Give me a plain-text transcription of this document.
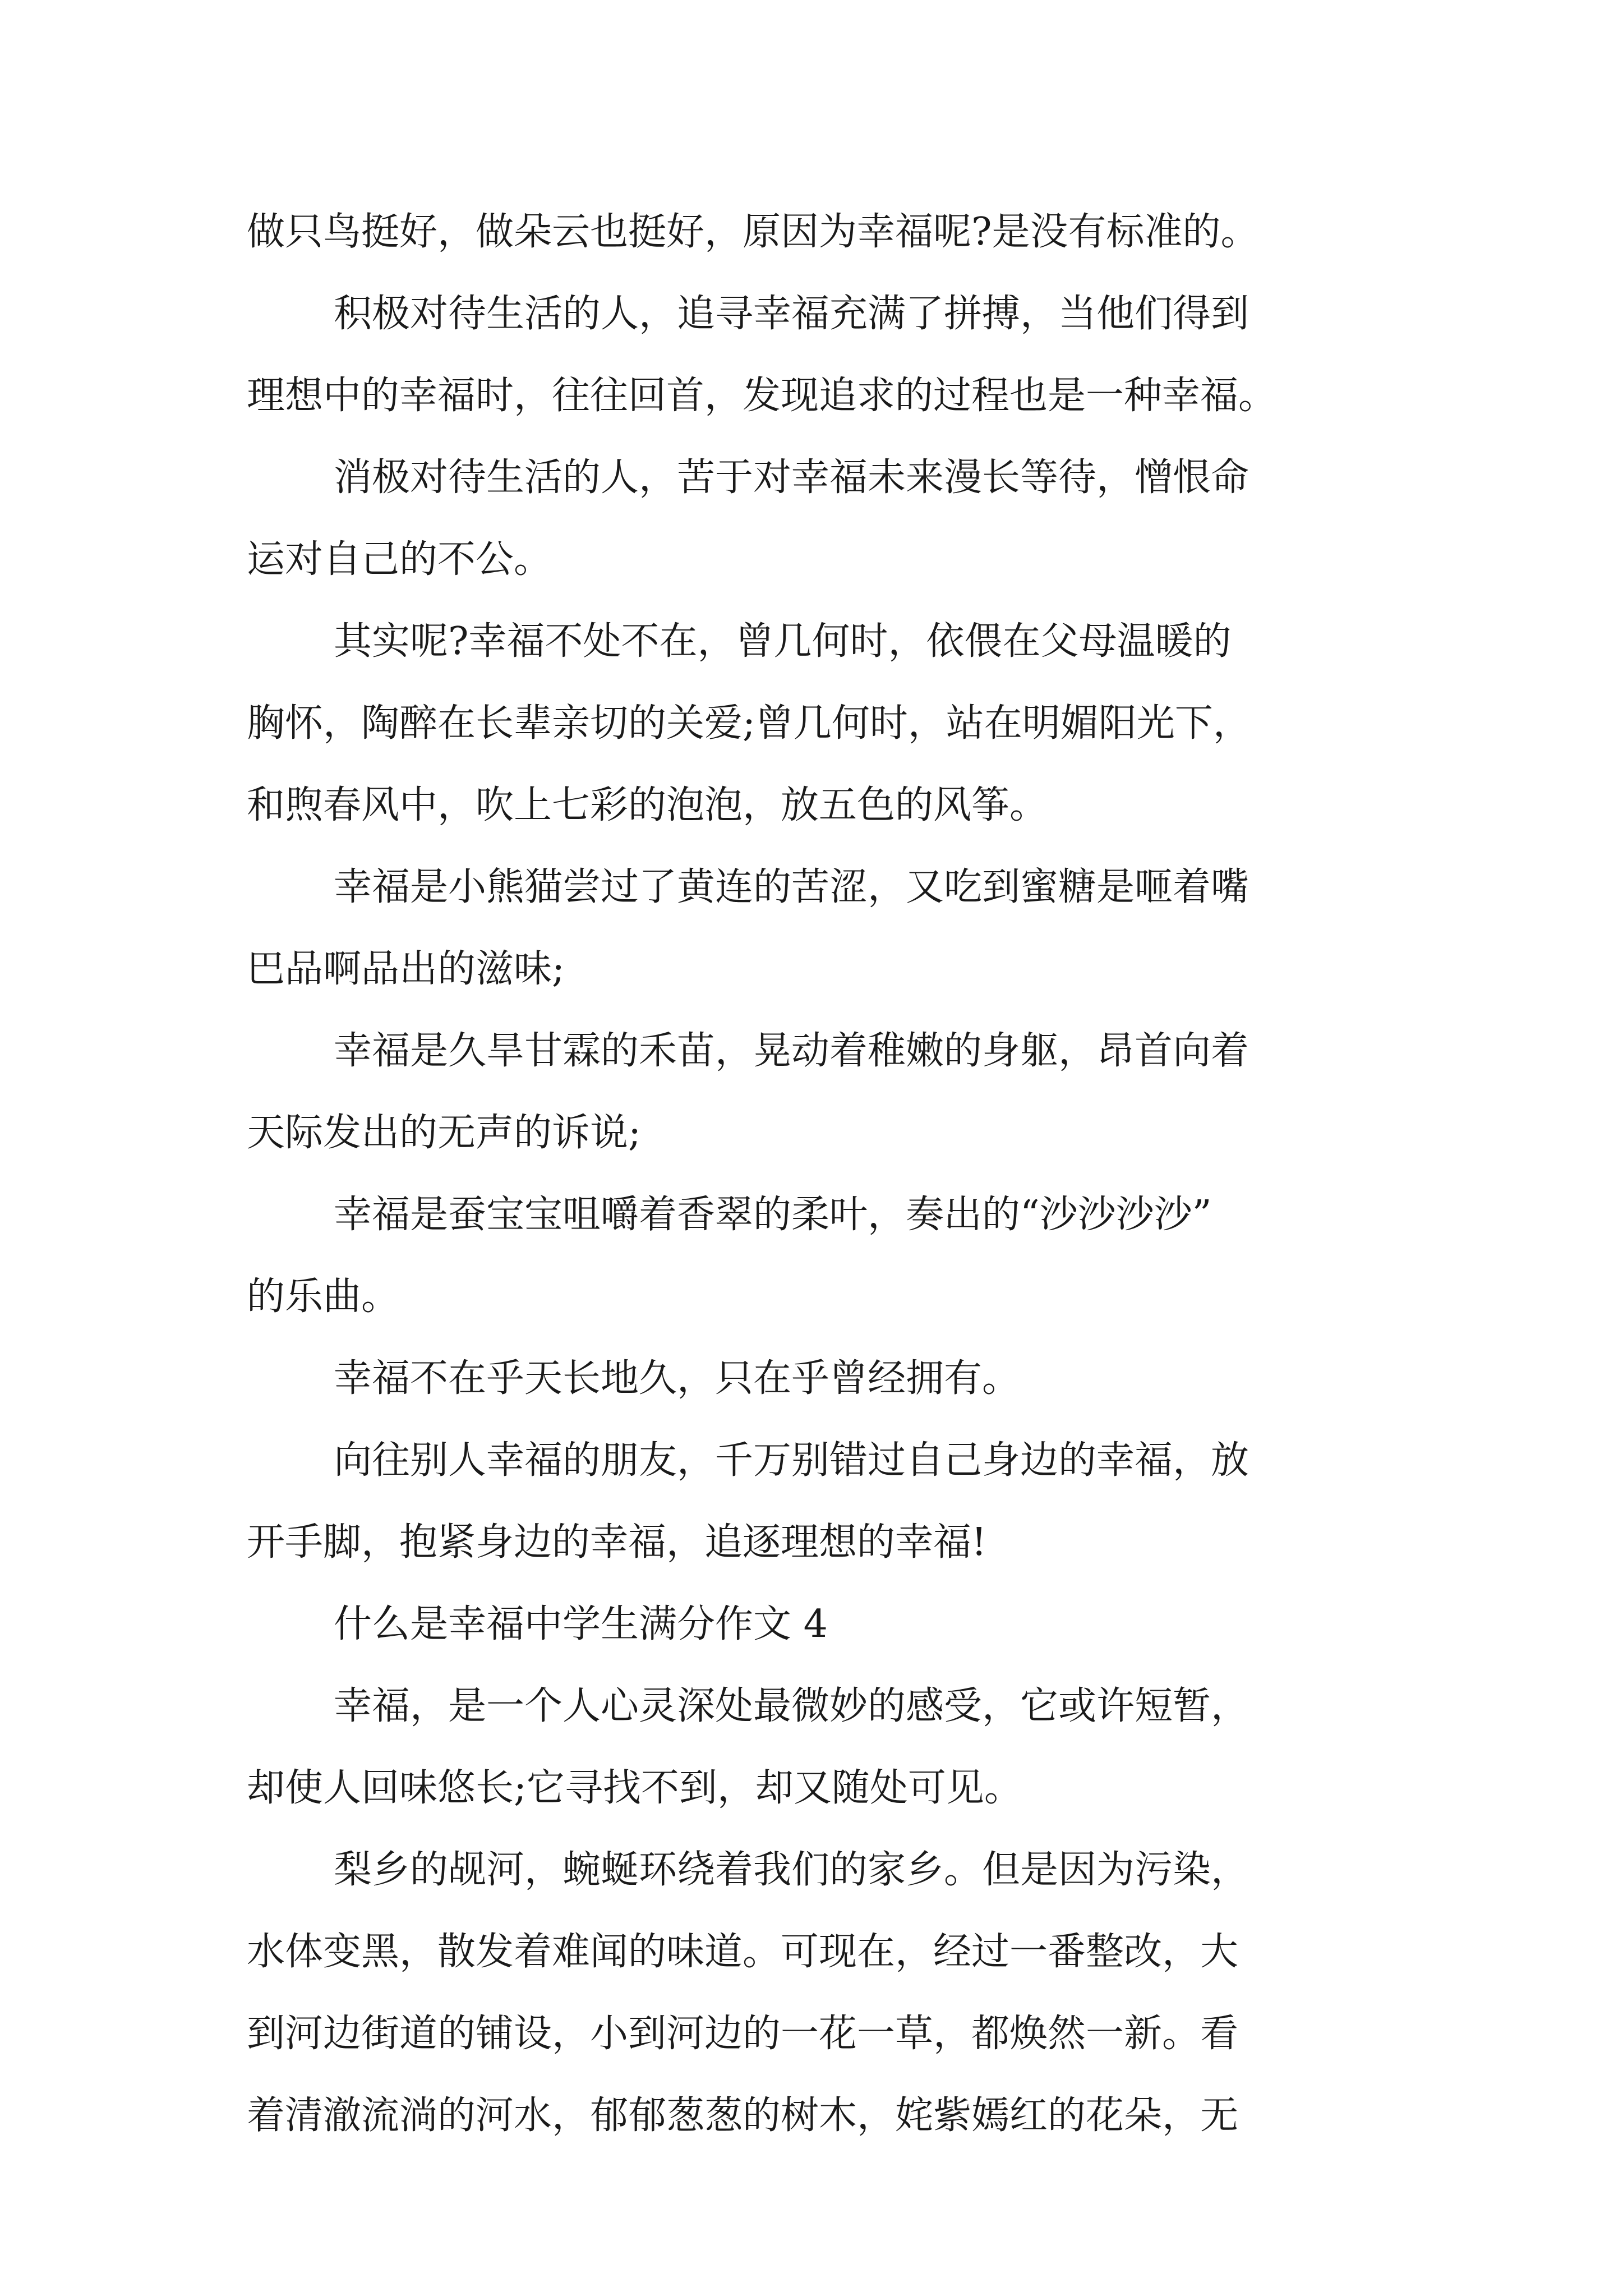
做只鸟挺好，做朵云也挺好，原因为幸福呢?是没有标准的。
积极对待生活的人，追寻幸福充满了拼搏，当他们得到
理想中的幸福时，往往回首，发现追求的过程也是一种幸福。
消极对待生活的人，苦于对幸福未来漫长等待，憎恨命
运对自己的不公。
其实呢?幸福不处不在，曾几何时，依偎在父母温暖的
胸怀，陶醉在长辈亲切的关爱;曾几何时，站在明媚阳光下，
和煦春风中，吹上七彩的泡泡，放五色的风筝。
幸福是小熊猫尝过了黄连的苦涩，又吃到蜜糖是咂着嘴
巴品啊品出的滋味;
幸福是久旱甘霖的禾苗，晃动着稚嫩的身躯，昂首向着
天际发出的无声的诉说;
幸福是蚕宝宝咀嚼着香翠的柔叶，奏出的“沙沙沙沙”
的乐曲。
幸福不在乎天长地久，只在乎曾经拥有。
向往别人幸福的朋友，千万别错过自己身边的幸福，放
开手脚，抱紧身边的幸福，追逐理想的幸福!
什么是幸福中学生满分作文 4
幸福，是一个人心灵深处最微妙的感受，它或许短暂，
却使人回味悠长;它寻找不到，却又随处可见。
梨乡的觇河，蜿蜒环绕着我们的家乡。但是因为污染，
水体变黑，散发着难闻的味道。可现在，经过一番整改，大
到河边街道的铺设，小到河边的一花一草，都焕然一新。看
着清澈流淌的河水，郁郁葱葱的树木，姹紫嫣红的花朵，无
